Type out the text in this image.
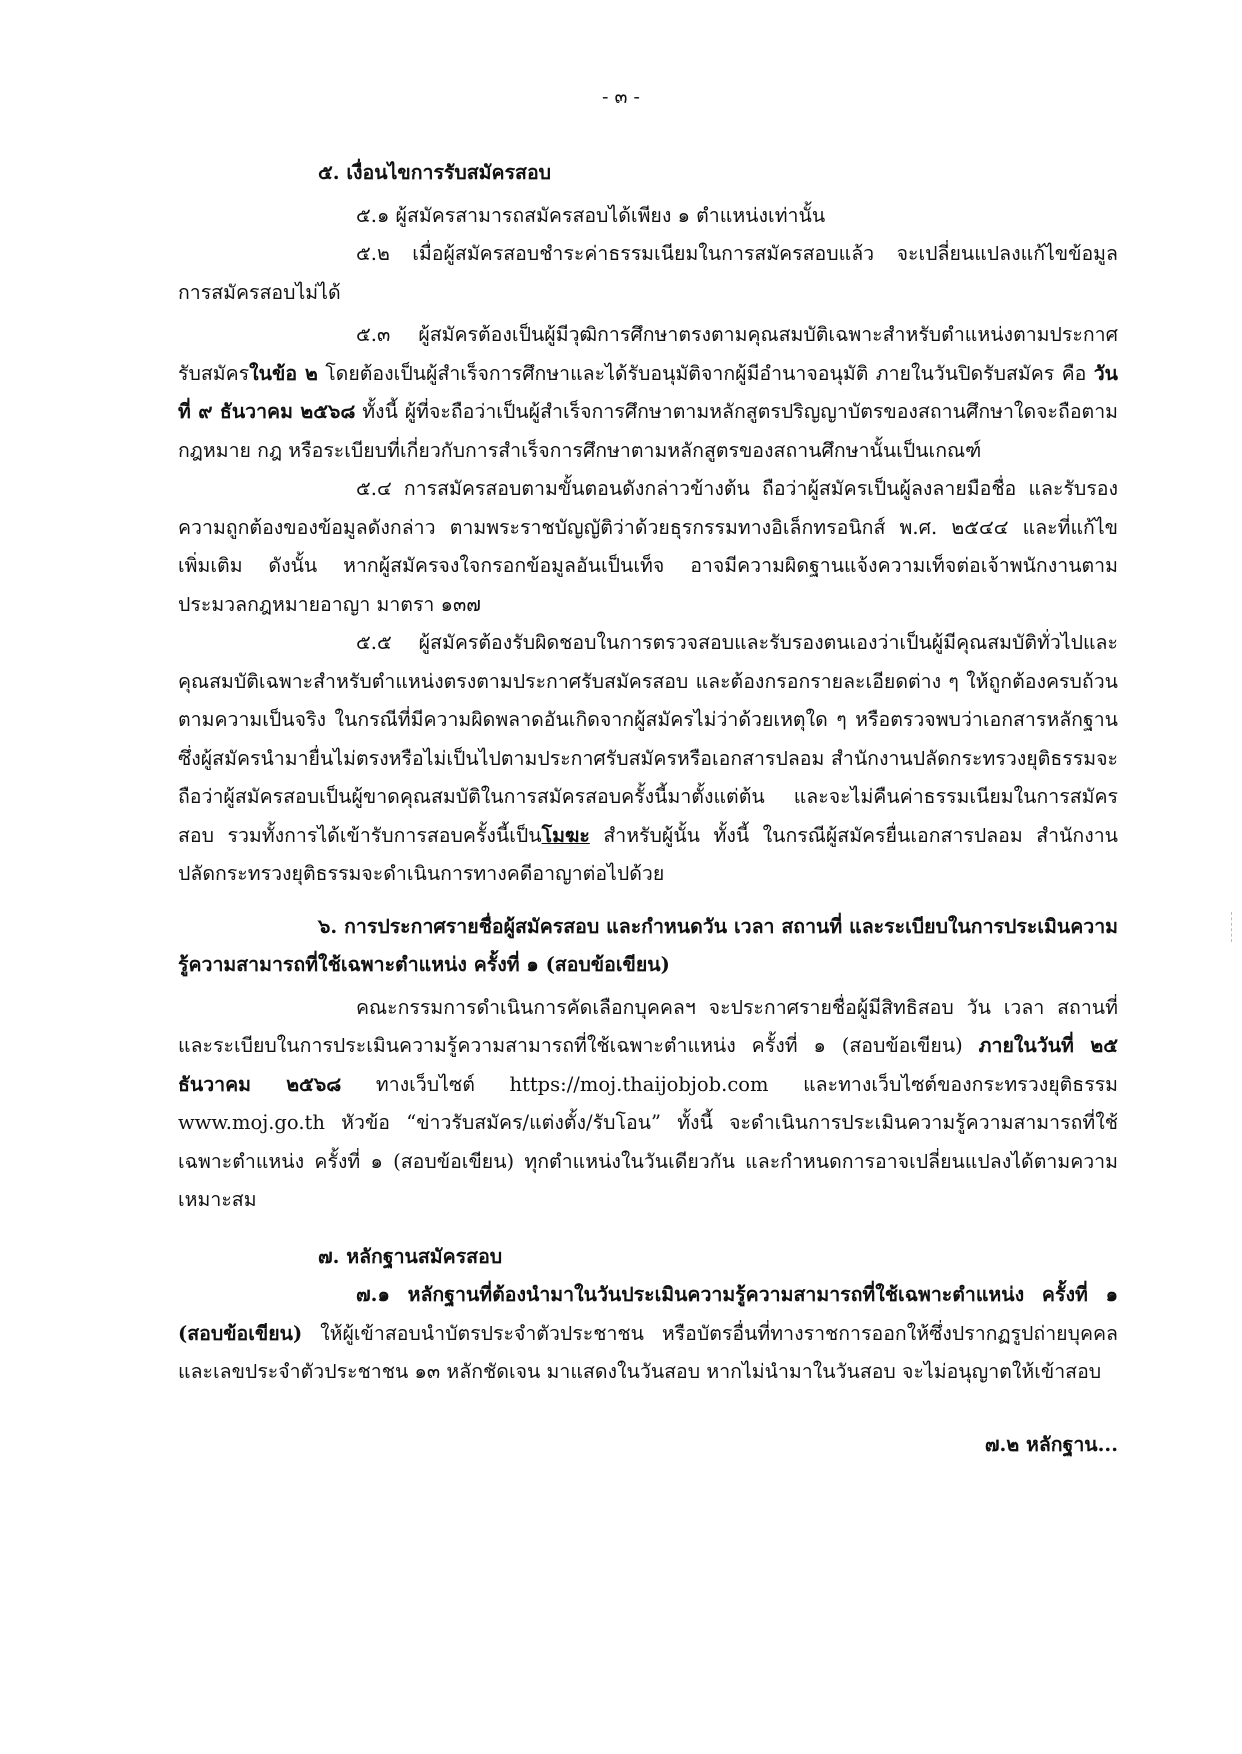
- ๓ -

๕. เงื่อนไขการรับสมัครสอบ

๕.๑ ผู้สมัครสามารถสมัครสอบได้เพียง ๑ ตำแหน่งเท่านั้น

๕.๒ เมื่อผู้สมัครสอบชำระค่าธรรมเนียมในการสมัครสอบแล้ว จะเปลี่ยนแปลงแก้ไขข้อมูลการสมัครสอบไม่ได้

๕.๓ ผู้สมัครต้องเป็นผู้มีวุฒิการศึกษาตรงตามคุณสมบัติเฉพาะสำหรับตำแหน่งตามประกาศรับสมัครในข้อ ๒ โดยต้องเป็นผู้สำเร็จการศึกษาและได้รับอนุมัติจากผู้มีอำนาจอนุมัติ ภายในวันปิดรับสมัคร คือ วันที่ ๙ ธันวาคม ๒๕๖๘ ทั้งนี้ ผู้ที่จะถือว่าเป็นผู้สำเร็จการศึกษาตามหลักสูตรปริญญาบัตรของสถานศึกษาใดจะถือตามกฎหมาย กฎ หรือระเบียบที่เกี่ยวกับการสำเร็จการศึกษาตามหลักสูตรของสถานศึกษานั้นเป็นเกณฑ์

๕.๔ การสมัครสอบตามขั้นตอนดังกล่าวข้างต้น ถือว่าผู้สมัครเป็นผู้ลงลายมือชื่อ และรับรองความถูกต้องของข้อมูลดังกล่าว ตามพระราชบัญญัติว่าด้วยธุรกรรมทางอิเล็กทรอนิกส์ พ.ศ. ๒๕๔๔ และที่แก้ไขเพิ่มเติม ดังนั้น หากผู้สมัครจงใจกรอกข้อมูลอันเป็นเท็จ อาจมีความผิดฐานแจ้งความเท็จต่อเจ้าพนักงานตามประมวลกฎหมายอาญา มาตรา ๑๓๗

๕.๕ ผู้สมัครต้องรับผิดชอบในการตรวจสอบและรับรองตนเองว่าเป็นผู้มีคุณสมบัติทั่วไปและคุณสมบัติเฉพาะสำหรับตำแหน่งตรงตามประกาศรับสมัครสอบ และต้องกรอกรายละเอียดต่าง ๆ ให้ถูกต้องครบถ้วนตามความเป็นจริง ในกรณีที่มีความผิดพลาดอันเกิดจากผู้สมัครไม่ว่าด้วยเหตุใด ๆ หรือตรวจพบว่าเอกสารหลักฐาน ซึ่งผู้สมัครนำมายื่นไม่ตรงหรือไม่เป็นไปตามประกาศรับสมัครหรือเอกสารปลอม สำนักงานปลัดกระทรวงยุติธรรมจะถือว่าผู้สมัครสอบเป็นผู้ขาดคุณสมบัติในการสมัครสอบครั้งนี้มาตั้งแต่ต้น และจะไม่คืนค่าธรรมเนียมในการสมัครสอบ รวมทั้งการได้เข้ารับการสอบครั้งนี้เป็นโมฆะ สำหรับผู้นั้น ทั้งนี้ ในกรณีผู้สมัครยื่นเอกสารปลอม สำนักงานปลัดกระทรวงยุติธรรมจะดำเนินการทางคดีอาญาต่อไปด้วย

๖. การประกาศรายชื่อผู้สมัครสอบ และกำหนดวัน เวลา สถานที่ และระเบียบในการประเมินความรู้ความสามารถที่ใช้เฉพาะตำแหน่ง ครั้งที่ ๑ (สอบข้อเขียน)

คณะกรรมการดำเนินการคัดเลือกบุคคลฯ จะประกาศรายชื่อผู้มีสิทธิสอบ วัน เวลา สถานที่และระเบียบในการประเมินความรู้ความสามารถที่ใช้เฉพาะตำแหน่ง ครั้งที่ ๑ (สอบข้อเขียน) ภายในวันที่ ๒๕ ธันวาคม ๒๕๖๘ ทางเว็บไซต์ https://moj.thaijobjob.com และทางเว็บไซต์ของกระทรวงยุติธรรม www.moj.go.th หัวข้อ “ข่าวรับสมัคร/แต่งตั้ง/รับโอน” ทั้งนี้ จะดำเนินการประเมินความรู้ความสามารถที่ใช้เฉพาะตำแหน่ง ครั้งที่ ๑ (สอบข้อเขียน) ทุกตำแหน่งในวันเดียวกัน และกำหนดการอาจเปลี่ยนแปลงได้ตามความเหมาะสม

๗. หลักฐานสมัครสอบ

๗.๑ หลักฐานที่ต้องนำมาในวันประเมินความรู้ความสามารถที่ใช้เฉพาะตำแหน่ง ครั้งที่ ๑ (สอบข้อเขียน) ให้ผู้เข้าสอบนำบัตรประจำตัวประชาชน หรือบัตรอื่นที่ทางราชการออกให้ซึ่งปรากฏรูปถ่ายบุคคลและเลขประจำตัวประชาชน ๑๓ หลักชัดเจน มาแสดงในวันสอบ หากไม่นำมาในวันสอบ จะไม่อนุญาตให้เข้าสอบ

๗.๒ หลักฐาน...
